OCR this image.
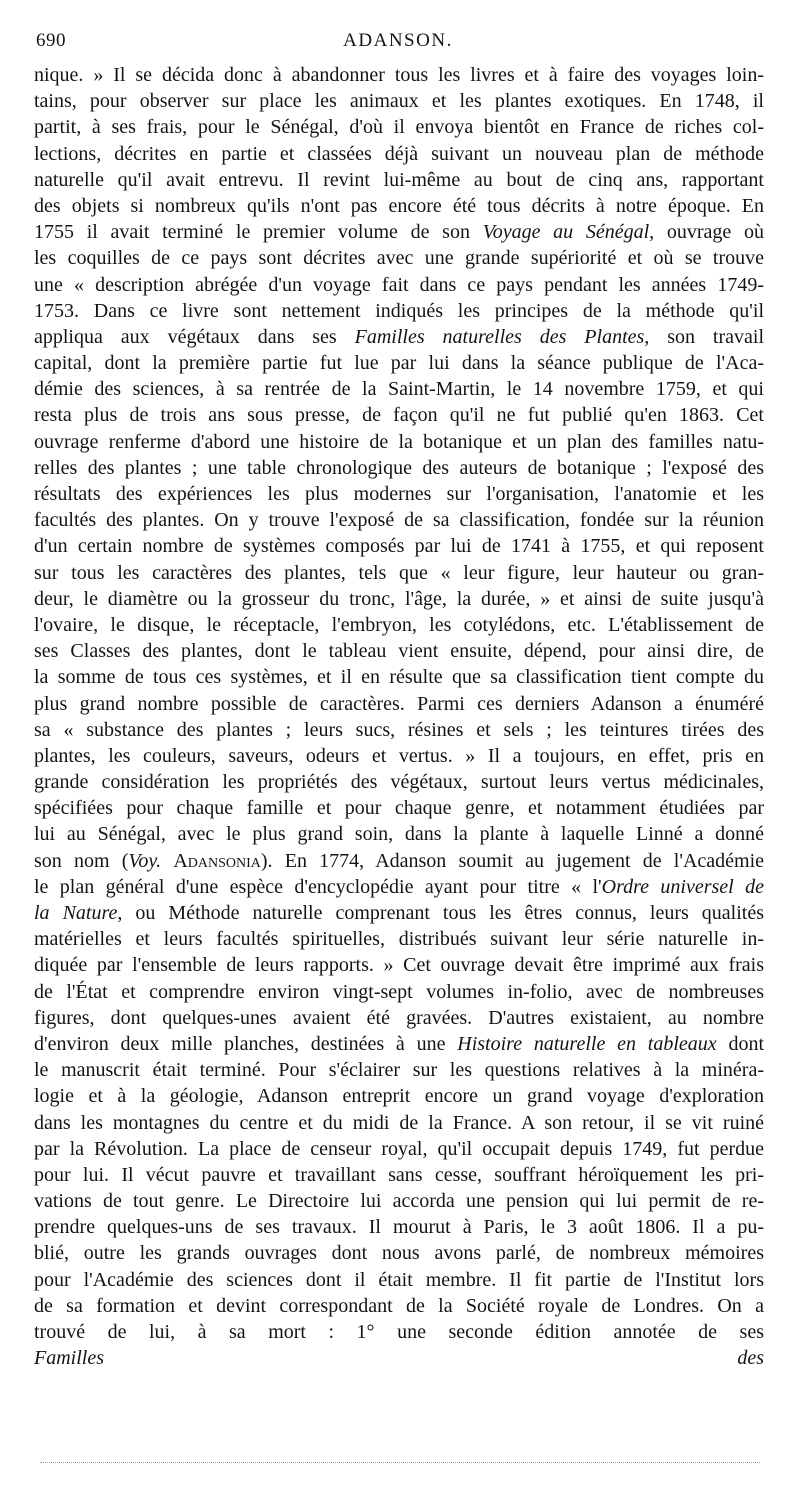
690	ADANSON.
nique. » Il se décida donc à abandonner tous les livres et à faire des voyages loin-
tains, pour observer sur place les animaux et les plantes exotiques. En 1748, il
partit, à ses frais, pour le Sénégal, d'où il envoya bientôt en France de riches col-
lections, décrites en partie et classées déjà suivant un nouveau plan de méthode
naturelle qu'il avait entrevu. Il revint lui-même au bout de cinq ans, rapportant
des objets si nombreux qu'ils n'ont pas encore été tous décrits à notre époque. En
1755 il avait terminé le premier volume de son Voyage au Sénégal, ouvrage où
les coquilles de ce pays sont décrites avec une grande supériorité et où se trouve
une « description abrégée d'un voyage fait dans ce pays pendant les années 1749-
1753. Dans ce livre sont nettement indiqués les principes de la méthode qu'il
appliqua aux végétaux dans ses Familles naturelles des Plantes, son travail
capital, dont la première partie fut lue par lui dans la séance publique de l'Aca-
démie des sciences, à sa rentrée de la Saint-Martin, le 14 novembre 1759, et qui
resta plus de trois ans sous presse, de façon qu'il ne fut publié qu'en 1863. Cet
ouvrage renferme d'abord une histoire de la botanique et un plan des familles natu-
relles des plantes ; une table chronologique des auteurs de botanique ; l'exposé des
résultats des expériences les plus modernes sur l'organisation, l'anatomie et les
facultés des plantes. On y trouve l'exposé de sa classification, fondée sur la réunion
d'un certain nombre de systèmes composés par lui de 1741 à 1755, et qui reposent
sur tous les caractères des plantes, tels que « leur figure, leur hauteur ou gran-
deur, le diamètre ou la grosseur du tronc, l'âge, la durée, » et ainsi de suite jusqu'à
l'ovaire, le disque, le réceptacle, l'embryon, les cotylédons, etc. L'établissement de
ses Classes des plantes, dont le tableau vient ensuite, dépend, pour ainsi dire, de
la somme de tous ces systèmes, et il en résulte que sa classification tient compte du
plus grand nombre possible de caractères. Parmi ces derniers Adanson a énuméré
sa « substance des plantes ; leurs sucs, résines et sels ; les teintures tirées des
plantes, les couleurs, saveurs, odeurs et vertus. » Il a toujours, en effet, pris en
grande considération les propriétés des végétaux, surtout leurs vertus médicinales,
spécifiées pour chaque famille et pour chaque genre, et notamment étudiées par
lui au Sénégal, avec le plus grand soin, dans la plante à laquelle Linné a donné
son nom (Voy. Adansonia). En 1774, Adanson soumit au jugement de l'Académie
le plan général d'une espèce d'encyclopédie ayant pour titre « l'Ordre universel de
la Nature, ou Méthode naturelle comprenant tous les êtres connus, leurs qualités
matérielles et leurs facultés spirituelles, distribués suivant leur série naturelle in-
diquée par l'ensemble de leurs rapports. » Cet ouvrage devait être imprimé aux frais
de l'État et comprendre environ vingt-sept volumes in-folio, avec de nombreuses
figures, dont quelques-unes avaient été gravées. D'autres existaient, au nombre
d'environ deux mille planches, destinées à une Histoire naturelle en tableaux dont
le manuscrit était terminé. Pour s'éclairer sur les questions relatives à la minéra-
logie et à la géologie, Adanson entreprit encore un grand voyage d'exploration
dans les montagnes du centre et du midi de la France. A son retour, il se vit ruiné
par la Révolution. La place de censeur royal, qu'il occupait depuis 1749, fut perdue
pour lui. Il vécut pauvre et travaillant sans cesse, souffrant héroïquement les pri-
vations de tout genre. Le Directoire lui accorda une pension qui lui permit de re-
prendre quelques-uns de ses travaux. Il mourut à Paris, le 3 août 1806. Il a pu-
blié, outre les grands ouvrages dont nous avons parlé, de nombreux mémoires
pour l'Académie des sciences dont il était membre. Il fit partie de l'Institut lors
de sa formation et devint correspondant de la Société royale de Londres. On a
trouvé de lui, à sa mort : 1° une seconde édition annotée de ses
Familles des
